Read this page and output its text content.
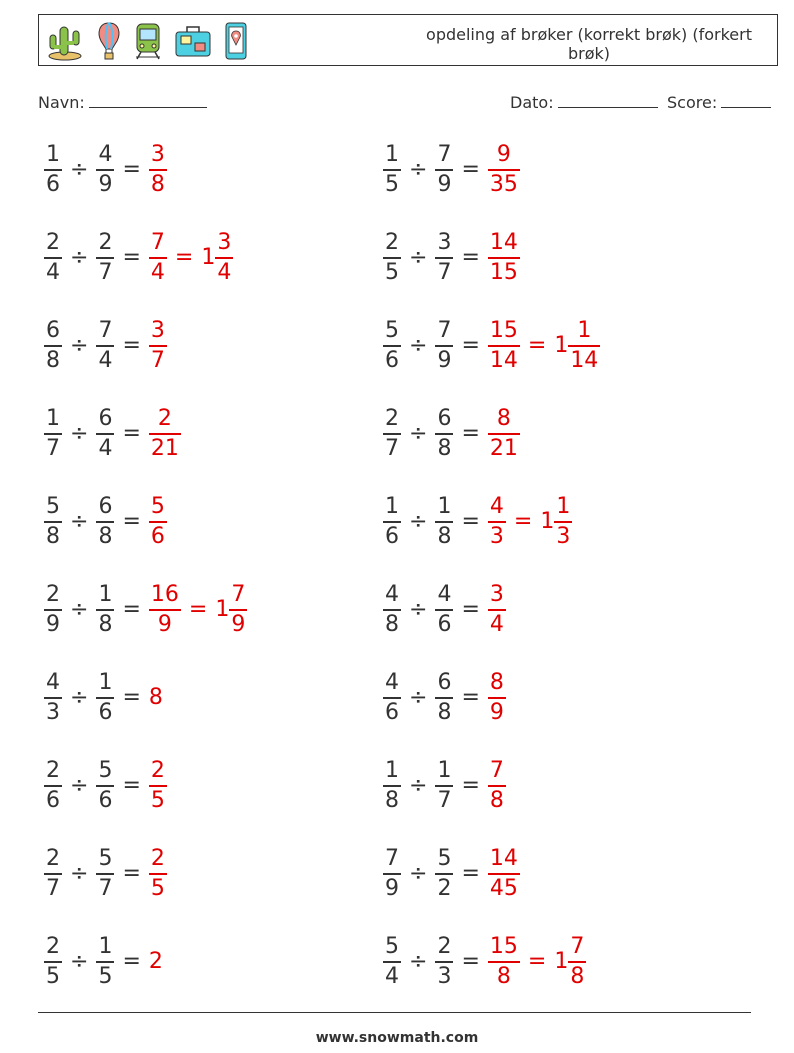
opdeling af brøker (korrekt brøk) (forkert brøk)
Navn:	Dato:	Score:
$\frac{1}{6} \div \frac{4}{9} = \frac{3}{8}$
$\frac{2}{4} \div \frac{2}{7} = \frac{7}{4} = 1 \frac{3}{4}$
$\frac{6}{8} \div \frac{7}{4} = \frac{3}{7}$
$\frac{1}{7} \div \frac{6}{4} = \frac{2}{21}$
$\frac{5}{8} \div \frac{6}{8} = \frac{5}{6}$
$\frac{2}{9} \div \frac{1}{8} = \frac{16}{9} = 1 \frac{7}{9}$
$\frac{4}{3} \div \frac{1}{6} = 8$
$\frac{2}{6} \div \frac{5}{6} = \frac{2}{5}$
$\frac{2}{7} \div \frac{5}{7} = \frac{2}{5}$
$\frac{2}{5} \div \frac{1}{5} = 2$
$\frac{1}{5} \div \frac{7}{9} = \frac{9}{35}$
$\frac{2}{5} \div \frac{3}{7} = \frac{14}{15}$
$\frac{5}{6} \div \frac{7}{9} = \frac{15}{14} = 1 \frac{1}{14}$
$\frac{2}{7} \div \frac{6}{8} = \frac{8}{21}$
$\frac{1}{6} \div \frac{1}{8} = \frac{4}{3} = 1 \frac{1}{3}$
$\frac{4}{8} \div \frac{4}{6} = \frac{3}{4}$
$\frac{4}{6} \div \frac{6}{8} = \frac{8}{9}$
$\frac{1}{8} \div \frac{1}{7} = \frac{7}{8}$
$\frac{7}{9} \div \frac{5}{2} = \frac{14}{45}$
$\frac{5}{4} \div \frac{2}{3} = \frac{15}{8} = 1 \frac{7}{8}$
www.snowmath.com
